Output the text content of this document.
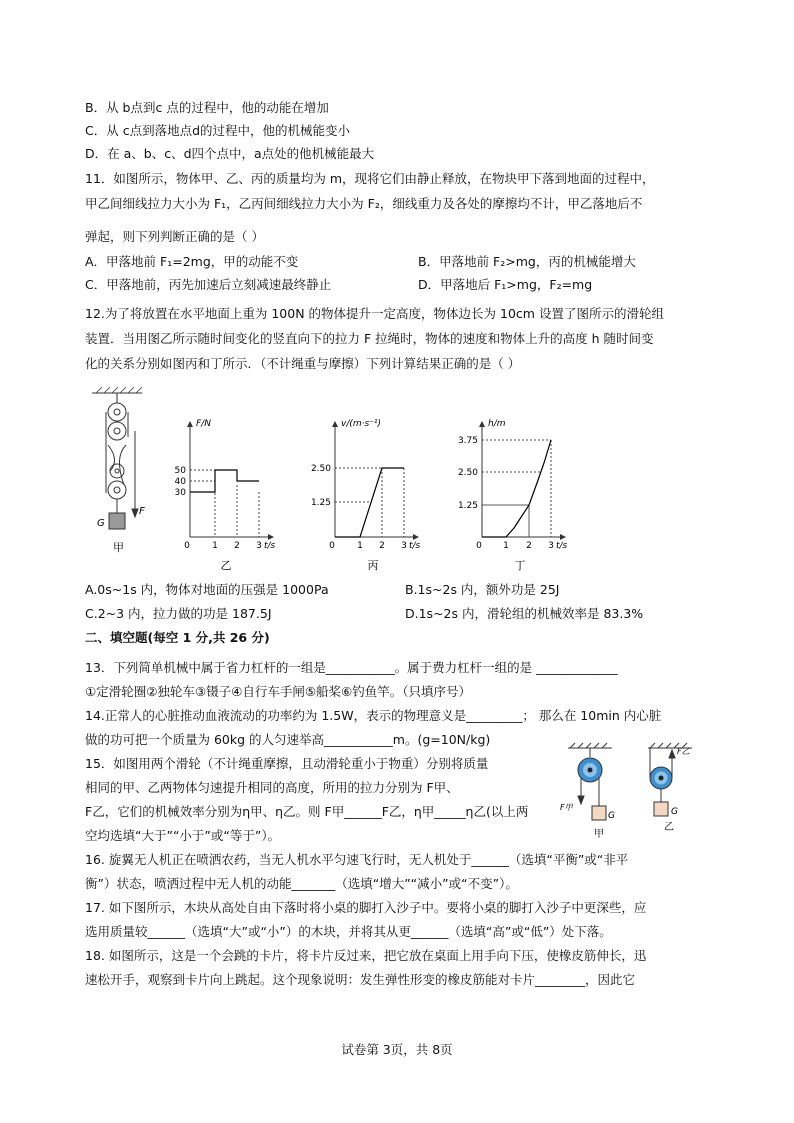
B．从 b点到c 点的过程中，他的动能在增加
C．从 c点到落地点d的过程中，他的机械能变小
D．在 a、b、c、d四个点中，a点处的他机械能最大
11．如图所示，物体甲、乙、丙的质量均为 m，现将它们由静止释放，在物块甲下落到地面的过程中，
甲乙间细线拉力大小为 F₁，乙丙间细线拉力大小为 F₂，细线重力及各处的摩擦均不计，甲乙落地后不
弹起，则下列判断正确的是（ ）
A．甲落地前 F₁=2mg，甲的动能不变	B．甲落地前 F₂>mg，丙的机械能增大
C．甲落地前，丙先加速后立刻减速最终静止	D．甲落地后 F₁>mg，F₂=mg
12.为了将放置在水平地面上重为 100N 的物体提升一定高度，物体边长为 10cm 设置了图所示的滑轮组
装置．当用图乙所示随时间变化的竖直向下的拉力 F 拉绳时，物体的速度和物体上升的高度 h 随时间变
化的关系分别如图丙和丁所示．（不计绳重与摩擦）下列计算结果正确的是（ ）
F
G
甲
F/N
t/s
50
40
30
0 1 2 3
乙
v/(m·s⁻¹)
t/s
2.50
1.25
0 1 2 3
丙
h/m
t/s
3.75
2.50
1.25
0 1 2 3
丁
A.0s~1s 内，物体对地面的压强是 1000Pa	B.1s~2s 内，额外功是 25J
C.2~3 内，拉力做的功是 187.5J	D.1s~2s 内，滑轮组的机械效率是 83.3%
二、填空题(每空 1 分,共 26 分)
13．下列简单机械中属于省力杠杆的一组是___________。属于费力杠杆一组的是 _____________
①定滑轮圈②独轮车③镊子④自行车手闸⑤船桨⑥钓鱼竿。（只填序号）
14.正常人的心脏推动血液流动的功率约为 1.5W，表示的物理意义是_________； 那么在 10min 内心脏
做的功可把一个质量为 60kg 的人匀速举高___________m。(g=10N/kg)
15．如图用两个滑轮（不计绳重摩擦，且动滑轮重小于物重）分别将质量
相同的甲、乙两物体匀速提升相同的高度，所用的拉力分别为 F甲、
F乙，它们的机械效率分别为η甲、η乙。则 F甲______F乙，η甲_____η乙(以上两
空均选填“大于”“小于”或“等于”）。
F甲
G
甲
F乙
G
乙
16. 旋翼无人机正在喷洒农药，当无人机水平匀速飞行时，无人机处于______（选填“平衡”或“非平
衡”）状态，喷洒过程中无人机的动能_______（选填“增大”“减小”或“不变”）。
17. 如下图所示，木块从高处自由下落时将小桌的脚打入沙子中。要将小桌的脚打入沙子中更深些，应
选用质量较______（选填“大”或“小”）的木块，并将其从更______（选填“高”或“低”）处下落。
18. 如图所示，这是一个会跳的卡片，将卡片反过来，把它放在桌面上用手向下压，使橡皮筋伸长，迅
速松开手，观察到卡片向上跳起。这个现象说明：发生弹性形变的橡皮筋能对卡片________，因此它
试卷第 3页，共 8页
